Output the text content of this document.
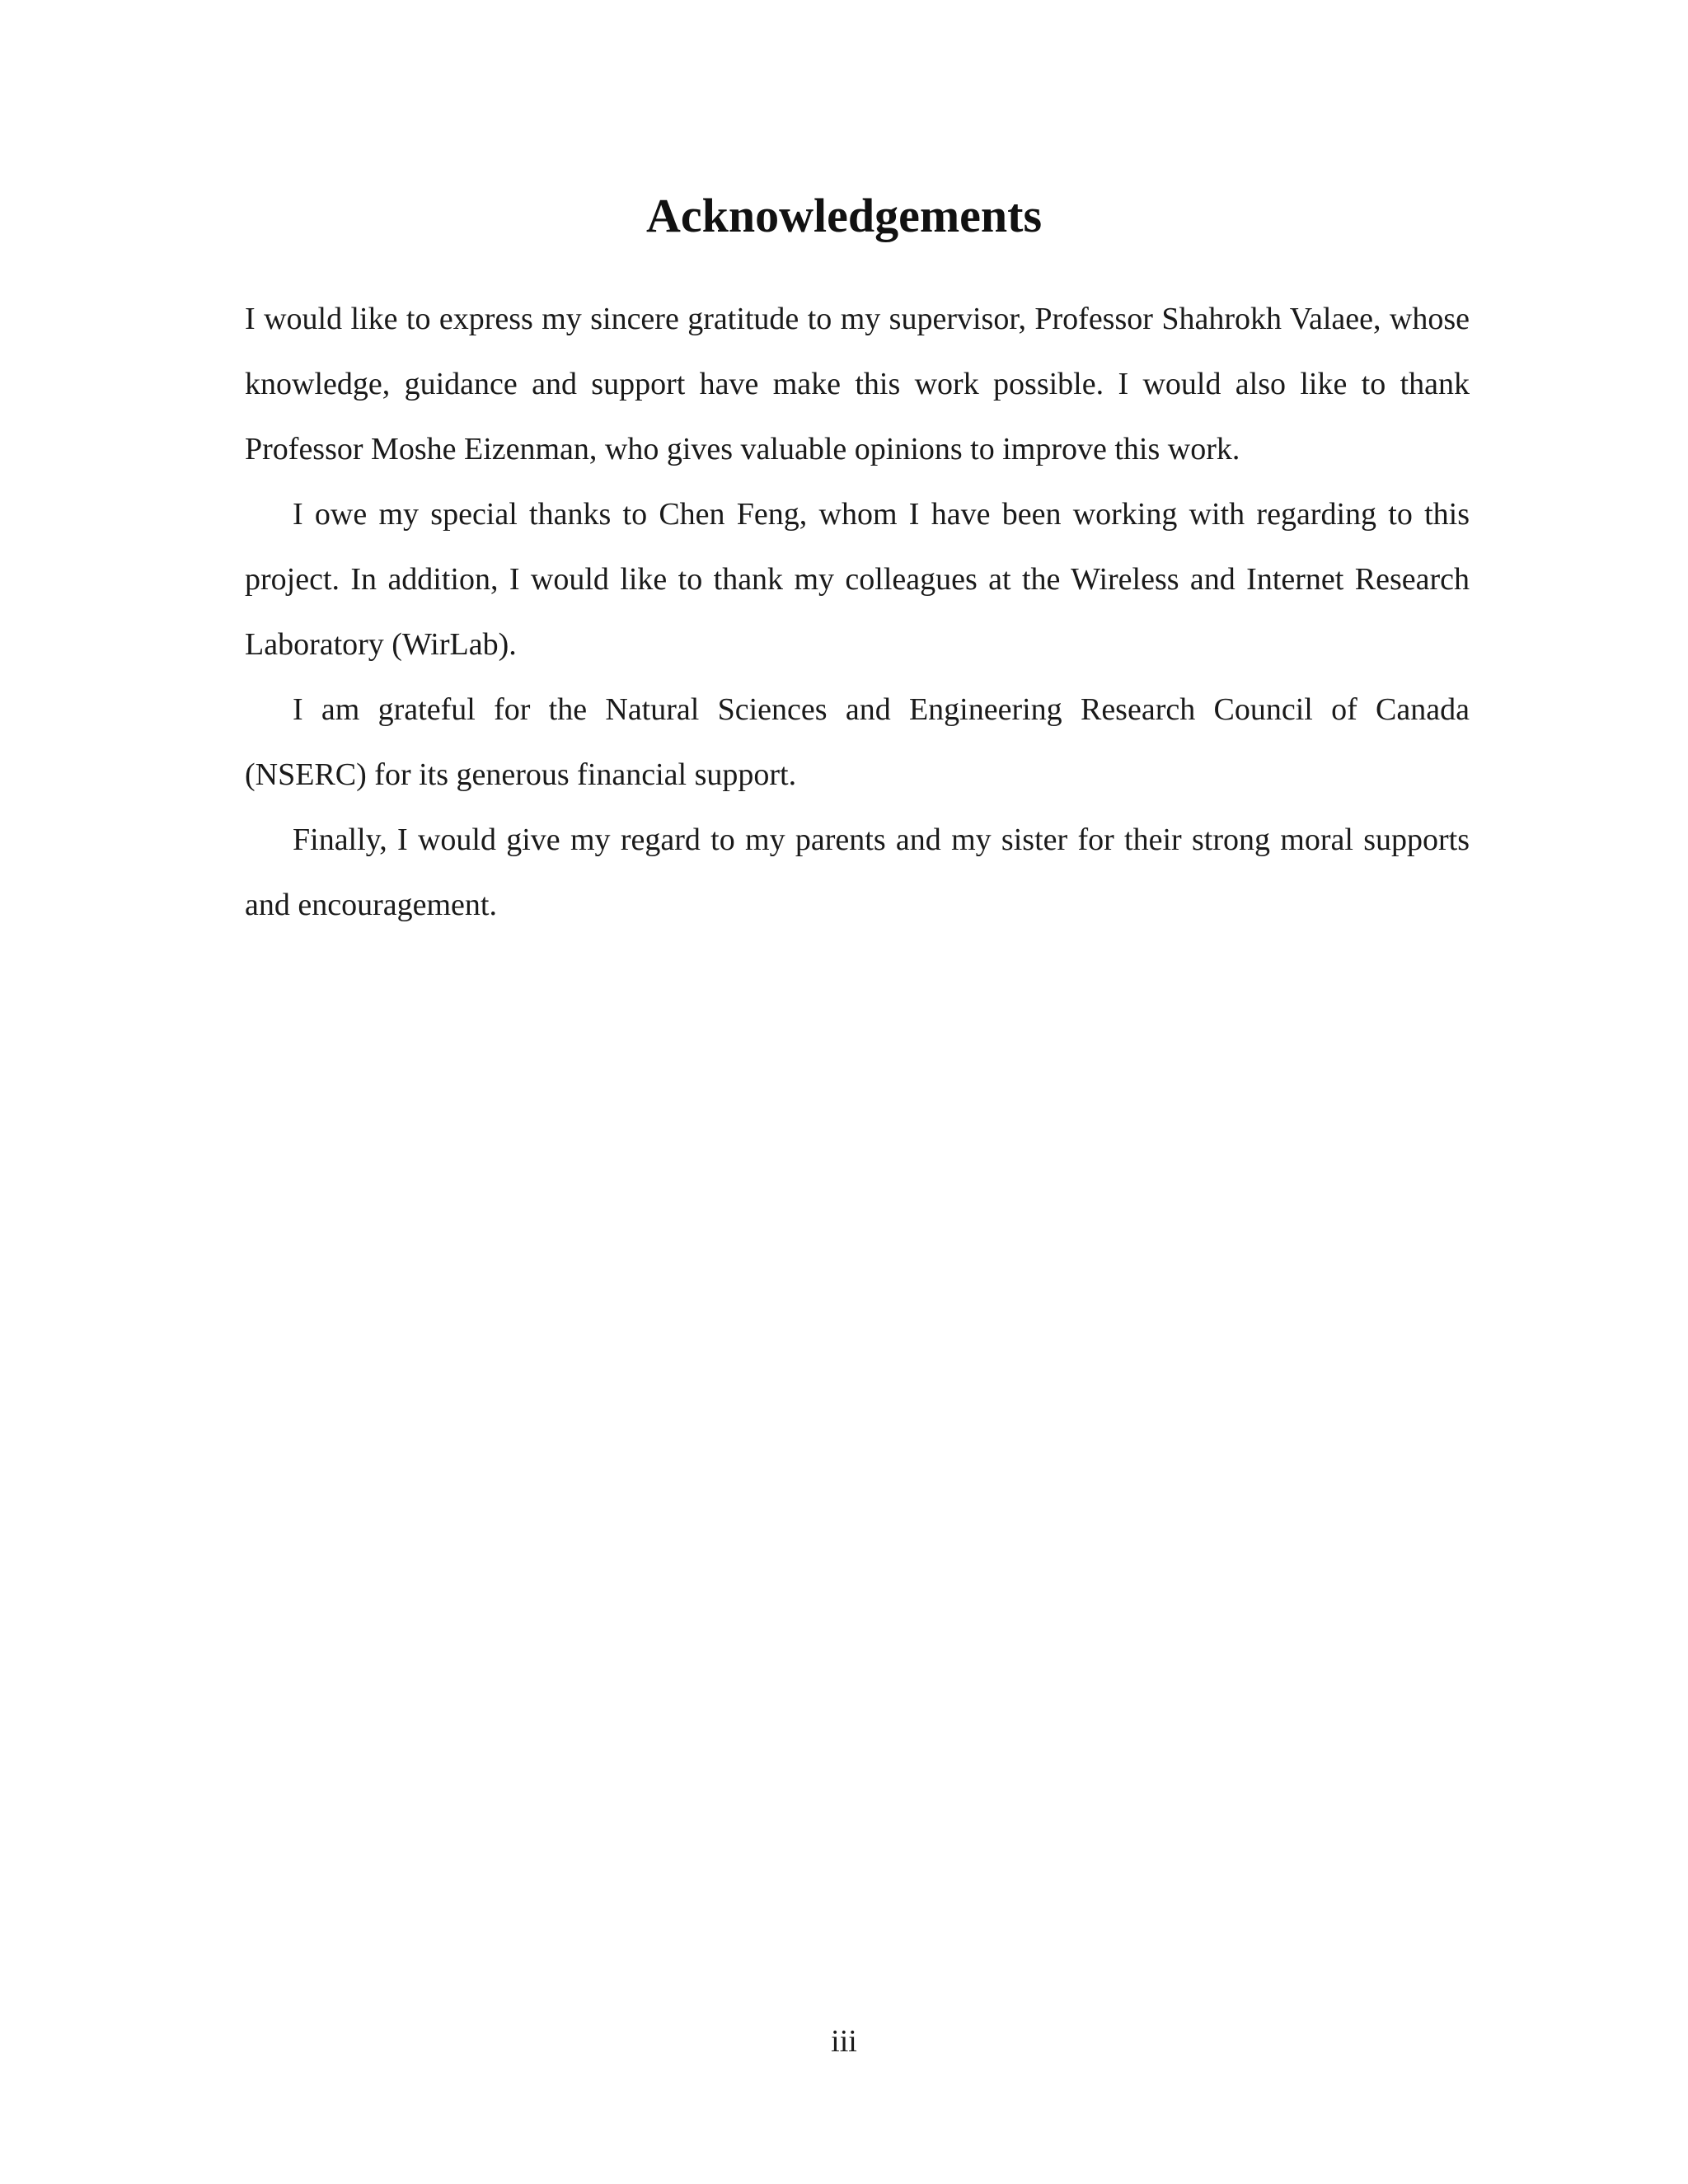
Acknowledgements

I would like to express my sincere gratitude to my supervisor, Professor Shahrokh Valaee, whose knowledge, guidance and support have make this work possible. I would also like to thank Professor Moshe Eizenman, who gives valuable opinions to improve this work.

I owe my special thanks to Chen Feng, whom I have been working with regarding to this project. In addition, I would like to thank my colleagues at the Wireless and Internet Research Laboratory (WirLab).

I am grateful for the Natural Sciences and Engineering Research Council of Canada (NSERC) for its generous financial support.

Finally, I would give my regard to my parents and my sister for their strong moral supports and encouragement.

iii
